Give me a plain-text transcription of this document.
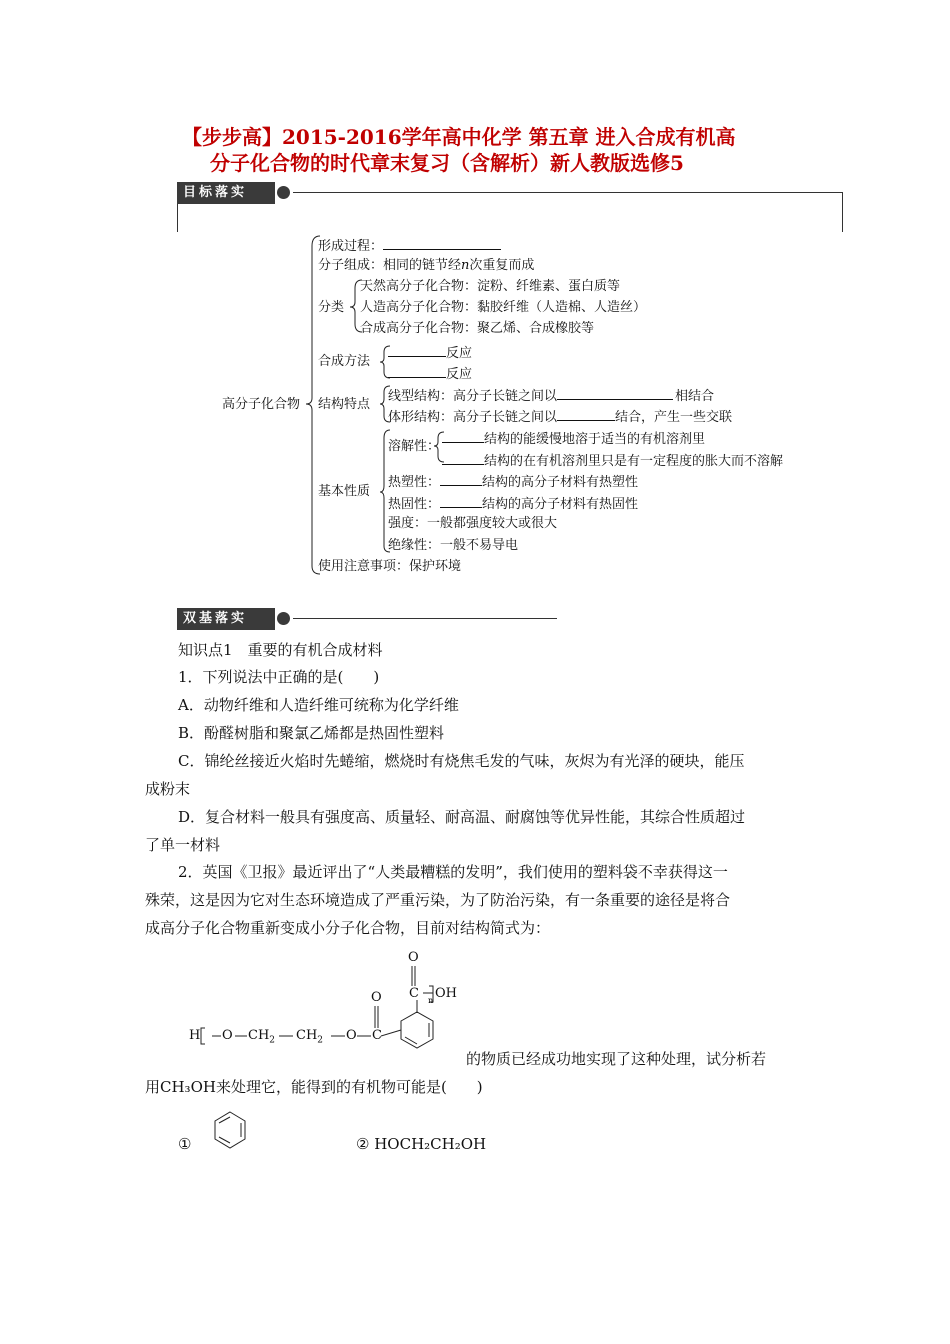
【步步高】2015-2016学年高中化学 第五章 进入合成有机高
分子化合物的时代章末复习（含解析）新人教版选修5
目标落实
高分子化合物
形成过程：
分子组成：相同的链节经n次重复而成
分类
天然高分子化合物：淀粉、纤维素、蛋白质等
人造高分子化合物：黏胶纤维（人造棉、人造丝）
合成高分子化合物：聚乙烯、合成橡胶等
合成方法
反应
反应
结构特点
线型结构：高分子长链之间以	相结合
体形结构：高分子长链之间以	结合，产生一些交联
基本性质
溶解性：	结构的能缓慢地溶于适当的有机溶剂里
结构的在有机溶剂里只是有一定程度的胀大而不溶解
热塑性：	结构的高分子材料有热塑性
热固性：	结构的高分子材料有热固性
强度：一般都强度较大或很大
绝缘性：一般不易导电
使用注意事项：保护环境
双基落实
知识点1　重要的有机合成材料
1．下列说法中正确的是(　　)
A．动物纤维和人造纤维可统称为化学纤维
B．酚醛树脂和聚氯乙烯都是热固性塑料
C．锦纶丝接近火焰时先蜷缩，燃烧时有烧焦毛发的气味，灰烬为有光泽的硬块，能压
成粉末
D．复合材料一般具有强度高、质量轻、耐高温、耐腐蚀等优异性能，其综合性质超过
了单一材料
2．英国《卫报》最近评出了“人类最糟糕的发明”，我们使用的塑料袋不幸获得这一
殊荣，这是因为它对生态环境造成了严重污染，为了防治污染，有一条重要的途径是将合
成高分子化合物重新变成小分子化合物，目前对结构简式为：
H O $CH_2$ $CH_2$ O C
O C
O
OH
n
的物质已经成功地实现了这种处理，试分析若
用CH₃OH来处理它，能得到的有机物可能是(　　)
①	② HOCH₂CH₂OH
